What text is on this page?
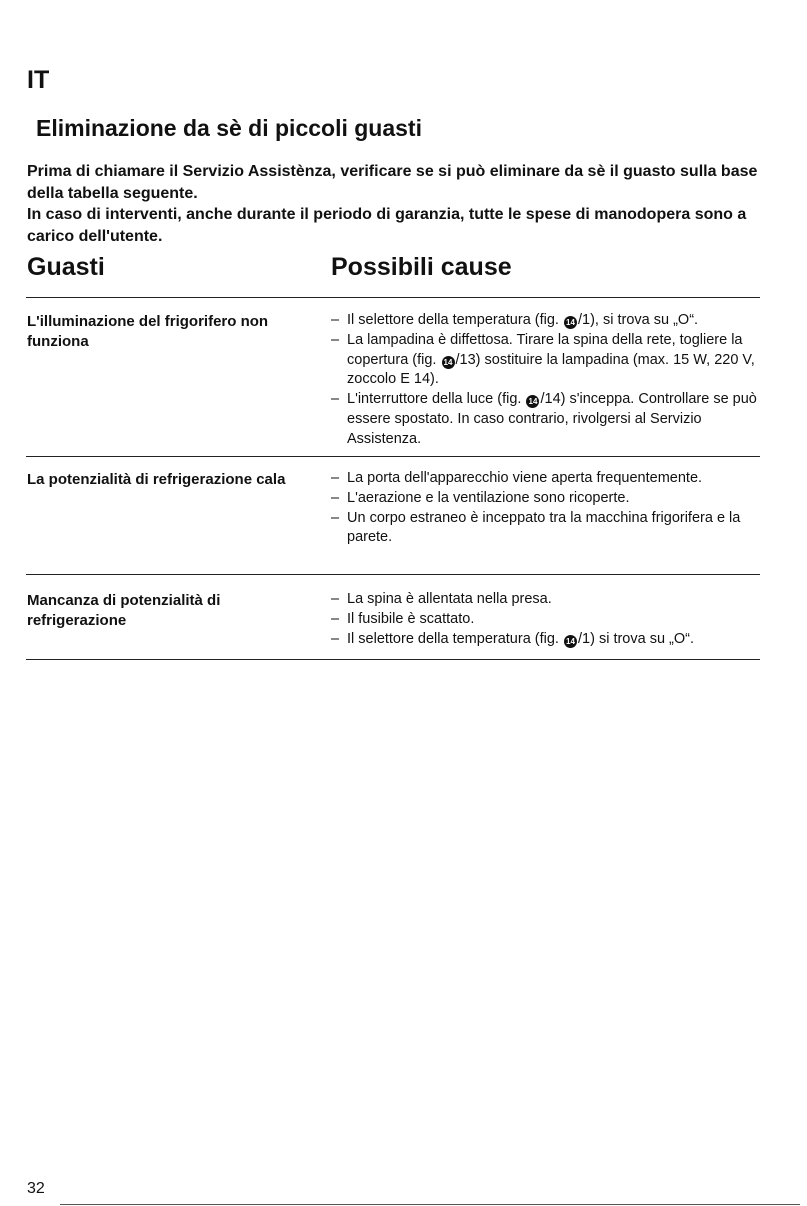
IT
Eliminazione da sè di piccoli guasti

Prima di chiamare il Servizio Assistènza, verificare se si può eliminare da sè il guasto sulla base della tabella seguente.

In caso di interventi, anche durante il periodo di garanzia, tutte le spese di manodopera sono a carico dell'utente.

Guasti	Possibili cause
L'illuminazione del frigorifero non funziona
– Il selettore della temperatura (fig. 14 /1), si trova su „O“.
– La lampadina è diffettosa. Tirare la spina della rete, togliere la copertura (fig. 14 /13) sostituire la lampadina (max. 15 W, 220 V, zoccolo E 14).
– L'interruttore della luce (fig. 14 /14) s'inceppa. Controllare se può essere spostato. In caso contrario, rivolgersi al Servizio Assistenza.
La potenzialità di refrigerazione cala	– La porta dell'apparecchio viene aperta frequentemente.
– L'aerazione e la ventilazione sono ricoperte.
– Un corpo estraneo è inceppato tra la macchina frigorifera e la parete.
Mancanza di potenzialità di refrigerazione
– La spina è allentata nella presa.
– Il fusibile è scattato.
– Il selettore della temperatura (fig. 14 /1) si trova su „O“.
32
